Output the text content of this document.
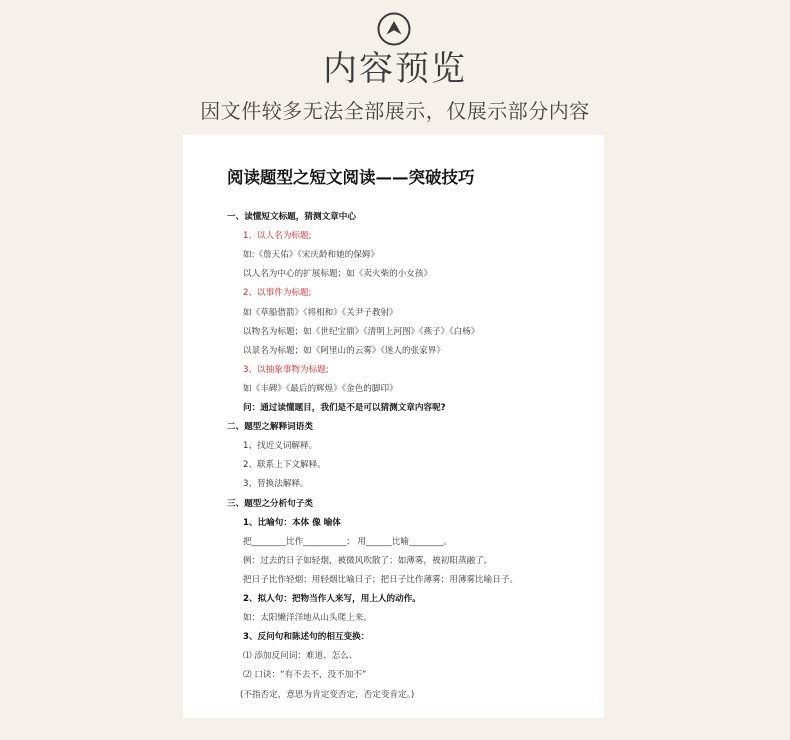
内容预览
因文件较多无法全部展示，仅展示部分内容
阅读题型之短文阅读——突破技巧
一、读懂短文标题，猜测文章中心
1、以人名为标题;
如:《詹天佑》《宋庆龄和她的保姆》
以人名为中心的扩展标题；如《卖火柴的小女孩》
2、以事件为标题;
如《草船借箭》《将相和》《关尹子教射》
以物名为标题；如《世纪宝鼎》《清明上河图》《燕子》《白杨》
以景名为标题；如《阿里山的云雾》《迷人的张家界》
3、以抽象事物为标题;
如《丰碑》《最后的辉煌》《金色的脚印》
问：通过读懂题目，我们是不是可以猜测文章内容呢?
二、题型之解释词语类
1、找近义词解释。
2、联系上下文解释。
3、替换法解释。
三、题型之分析句子类
1、比喻句：本体 像 喻体
把________比作__________； 用______比喻________。
例：过去的日子如轻烟，被微风吹散了；如薄雾，被初阳蒸融了。
把日子比作轻烟；用轻烟比喻日子；把日子比作薄雾；用薄雾比喻日子。
2、拟人句：把物当作人来写，用上人的动作。
如：太阳懒洋洋地从山头爬上来。
3、反问句和陈述句的相互变换：
⑴ 添加反问词：难道、怎么、
⑵ 口诀：“有不去不，没不加不”
(不指否定，意思为肯定变否定，否定变肯定。)
